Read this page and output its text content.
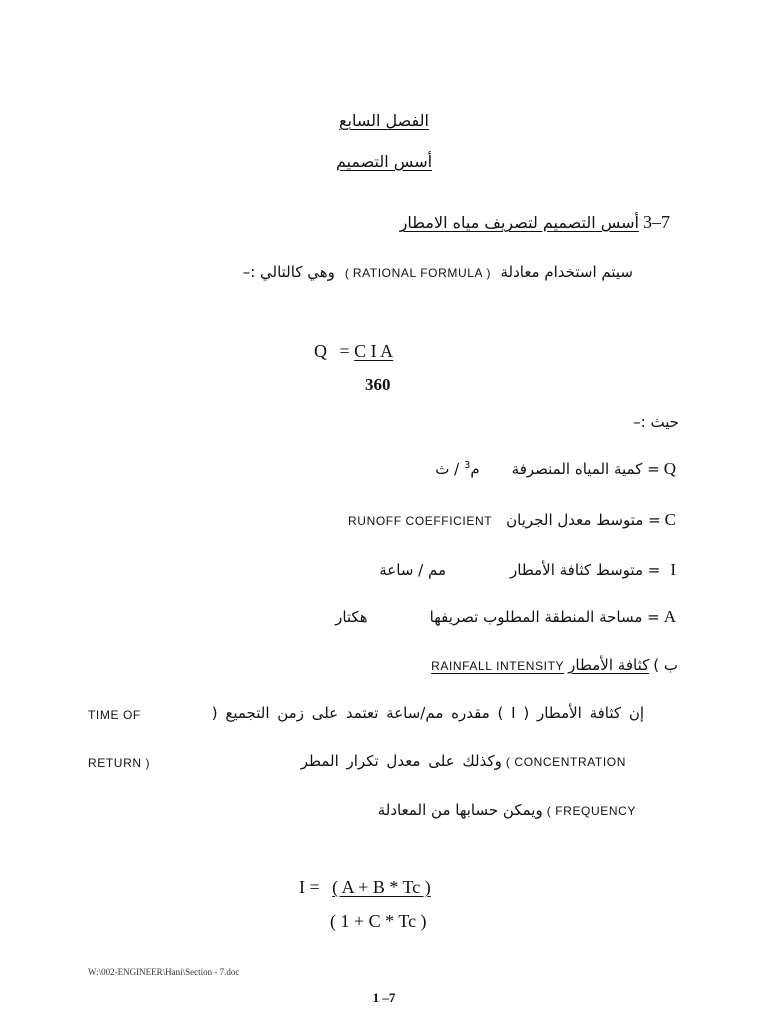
الفصل السابع
أسس التصميم
7–3 أسس التصميم لتصريف مياه الامطار
سيتم استخدام معادلة ( RATIONAL FORMULA ) وهي كالتالي :–
Q = C I A
360
حيث :–
Q = كمية المياه المنصرفة م$^3$ / ث
C = متوسط معدل الجريان RUNOFF COEFFICIENT
I = متوسط كثافة الأمطار مم / ساعة
A = مساحة المنطقة المطلوب تصريفها هكتار
ب ) كثافة الأمطار RAINFALL INTENSITY
TIME OF	إن كثافة الأمطار ( I ) مقدره مم/ساعة تعتمد على زمن التجميع (
RETURN )	CONCENTRATION ) وكذلك على معدل تكرار المطر
FREQUENCY ) ويمكن حسابها من المعادلة
I = ( A + B * Tc )
( 1 + C * Tc )
W:\002-ENGINEER\Hani\Section - 7.doc
1 –7
